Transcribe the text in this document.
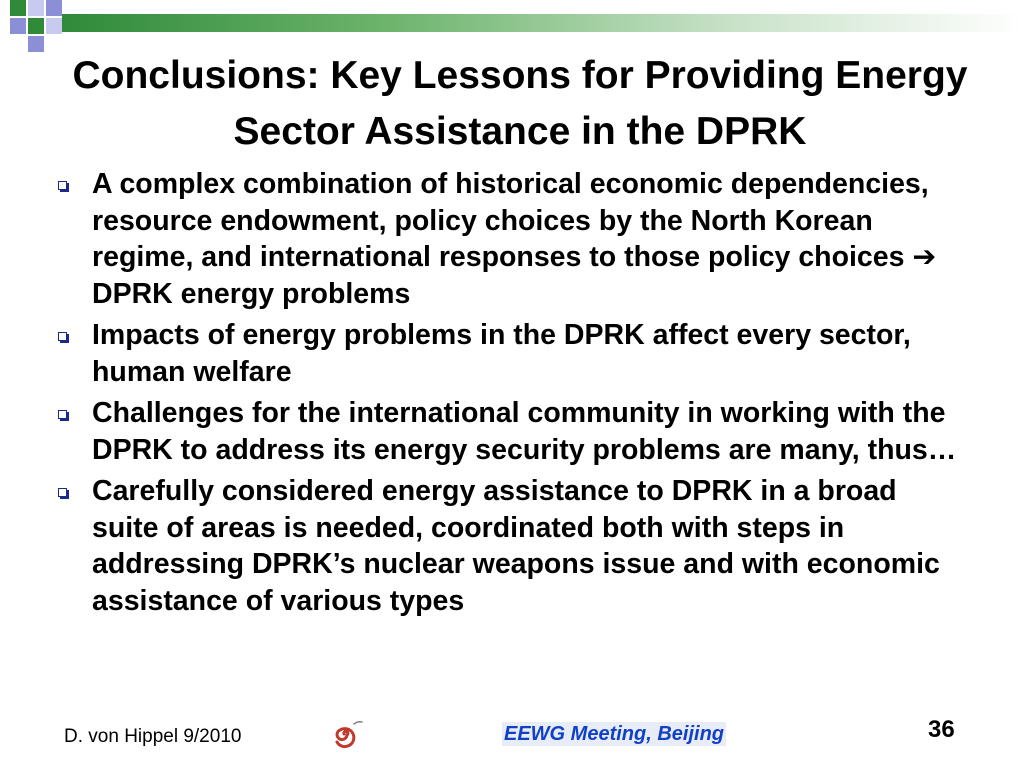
Conclusions: Key Lessons for Providing Energy Sector Assistance in the DPRK
A complex combination of historical economic dependencies, resource endowment, policy choices by the North Korean regime, and international responses to those policy choices ➔ DPRK energy problems
Impacts of energy problems in the DPRK affect every sector, human welfare
Challenges for the international community in working with the DPRK to address its energy security problems are many, thus…
Carefully considered energy assistance to DPRK in a broad suite of areas is needed, coordinated both with steps in addressing DPRK’s nuclear weapons issue and with economic assistance of various types
D. von Hippel 9/2010	EEWG Meeting, Beijing	36
